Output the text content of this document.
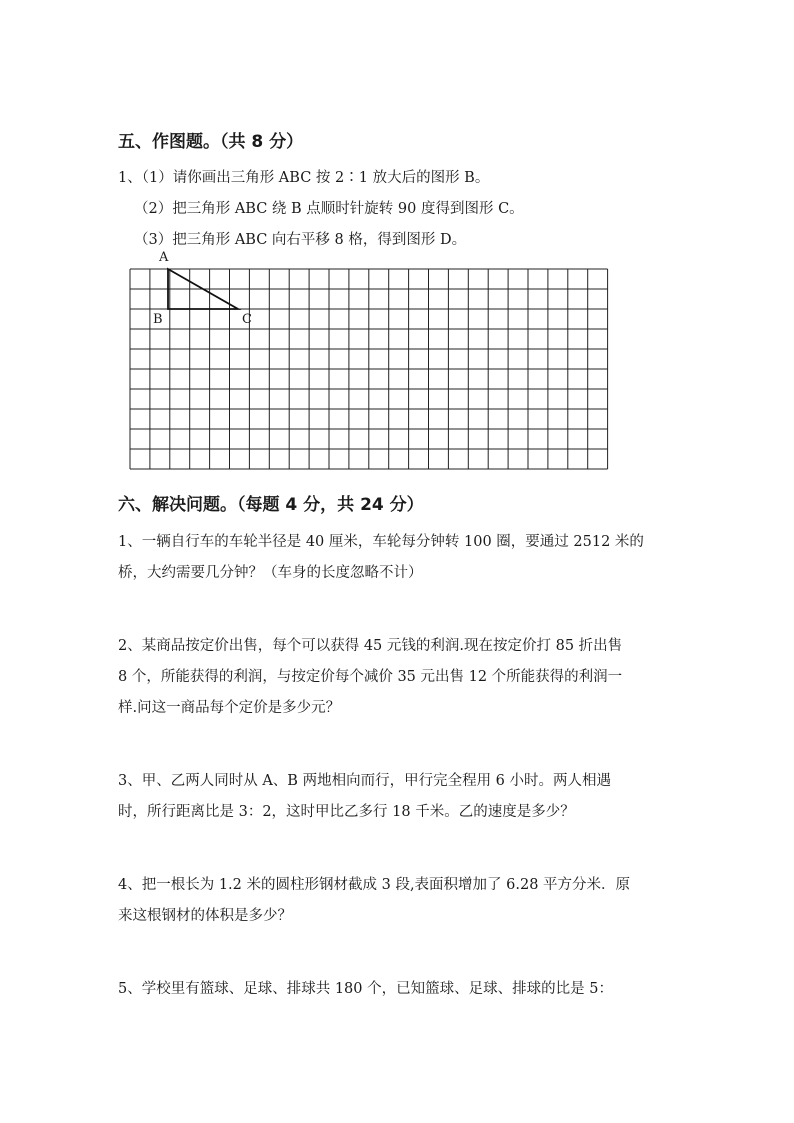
五、作图题。（共 8 分）
1、（1）请你画出三角形 ABC 按 2∶1 放大后的图形 B。
（2）把三角形 ABC 绕 B 点顺时针旋转 90 度得到图形 C。
（3）把三角形 ABC 向右平移 8 格，得到图形 D。
A
B	C
六、解决问题。（每题 4 分，共 24 分）
1、一辆自行车的车轮半径是 40 厘米，车轮每分钟转 100 圈，要通过 2512 米的
桥，大约需要几分钟？（车身的长度忽略不计）
2、某商品按定价出售，每个可以获得 45 元钱的利润.现在按定价打 85 折出售
8 个，所能获得的利润，与按定价每个减价 35 元出售 12 个所能获得的利润一
样.问这一商品每个定价是多少元？
3、甲、乙两人同时从 A、B 两地相向而行，甲行完全程用 6 小时。两人相遇
时，所行距离比是 3：2，这时甲比乙多行 18 千米。乙的速度是多少？
4、把一根长为 1.2 米的圆柱形钢材截成 3 段,表面积增加了 6.28 平方分米．原
来这根钢材的体积是多少？
5、学校里有篮球、足球、排球共 180 个，已知篮球、足球、排球的比是 5：
